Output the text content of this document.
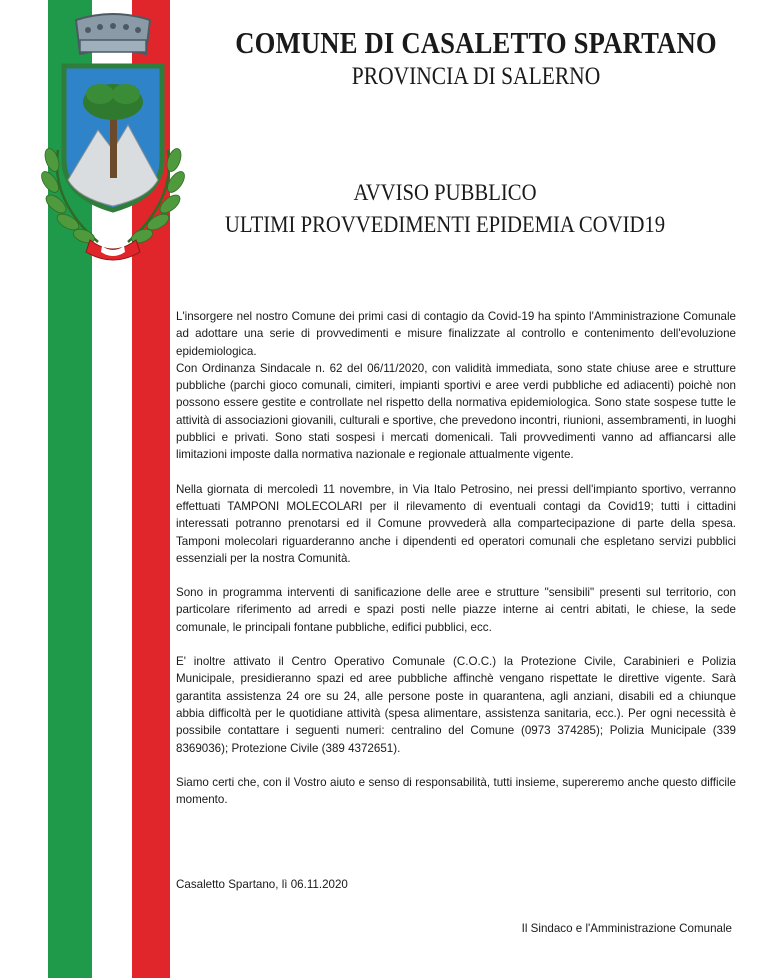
COMUNE DI CASALETTO SPARTANO
PROVINCIA DI SALERNO
AVVISO PUBBLICO
ULTIMI PROVVEDIMENTI EPIDEMIA COVID19

L'insorgere nel nostro Comune dei primi casi di contagio da Covid-19 ha spinto l'Amministrazione Comunale ad adottare una serie di provvedimenti e misure finalizzate al controllo e contenimento dell'evoluzione epidemiologica.

Con Ordinanza Sindacale n. 62 del 06/11/2020, con validità immediata, sono state chiuse aree e strutture pubbliche (parchi gioco comunali, cimiteri, impianti sportivi e aree verdi pubbliche ed adiacenti) poichè non possono essere gestite e controllate nel rispetto della normativa epidemiologica. Sono state sospese tutte le attività di associazioni giovanili, culturali e sportive, che prevedono incontri, riunioni, assembramenti, in luoghi pubblici e privati. Sono stati sospesi i mercati domenicali. Tali provvedimenti vanno ad affiancarsi alle limitazioni imposte dalla normativa nazionale e regionale attualmente vigente.

Nella giornata di mercoledì 11 novembre, in Via Italo Petrosino, nei pressi dell'impianto sportivo, verranno effettuati TAMPONI MOLECOLARI per il rilevamento di eventuali contagi da Covid19; tutti i cittadini interessati potranno prenotarsi ed il Comune provvederà alla compartecipazione di parte della spesa. Tamponi molecolari riguarderanno anche i dipendenti ed operatori comunali che espletano servizi pubblici essenziali per la nostra Comunità.

Sono in programma interventi di sanificazione delle aree e strutture "sensibili" presenti sul territorio, con particolare riferimento ad arredi e spazi posti nelle piazze interne ai centri abitati, le chiese, la sede comunale, le principali fontane pubbliche, edifici pubblici, ecc.

E' inoltre attivato il Centro Operativo Comunale (C.O.C.) la Protezione Civile, Carabinieri e Polizia Municipale, presidieranno spazi ed aree pubbliche affinchè vengano rispettate le direttive vigente. Sarà garantita assistenza 24 ore su 24, alle persone poste in quarantena, agli anziani, disabili ed a chiunque abbia difficoltà per le quotidiane attività (spesa alimentare, assistenza sanitaria, ecc.). Per ogni necessità è possibile contattare i seguenti numeri: centralino del Comune (0973 374285); Polizia Municipale (339 8369036); Protezione Civile (389 4372651).

Siamo certi che, con il Vostro aiuto e senso di responsabilità, tutti insieme, supereremo anche questo difficile momento.

Casaletto Spartano, lì 06.11.2020
Il Sindaco e l'Amministrazione Comunale
